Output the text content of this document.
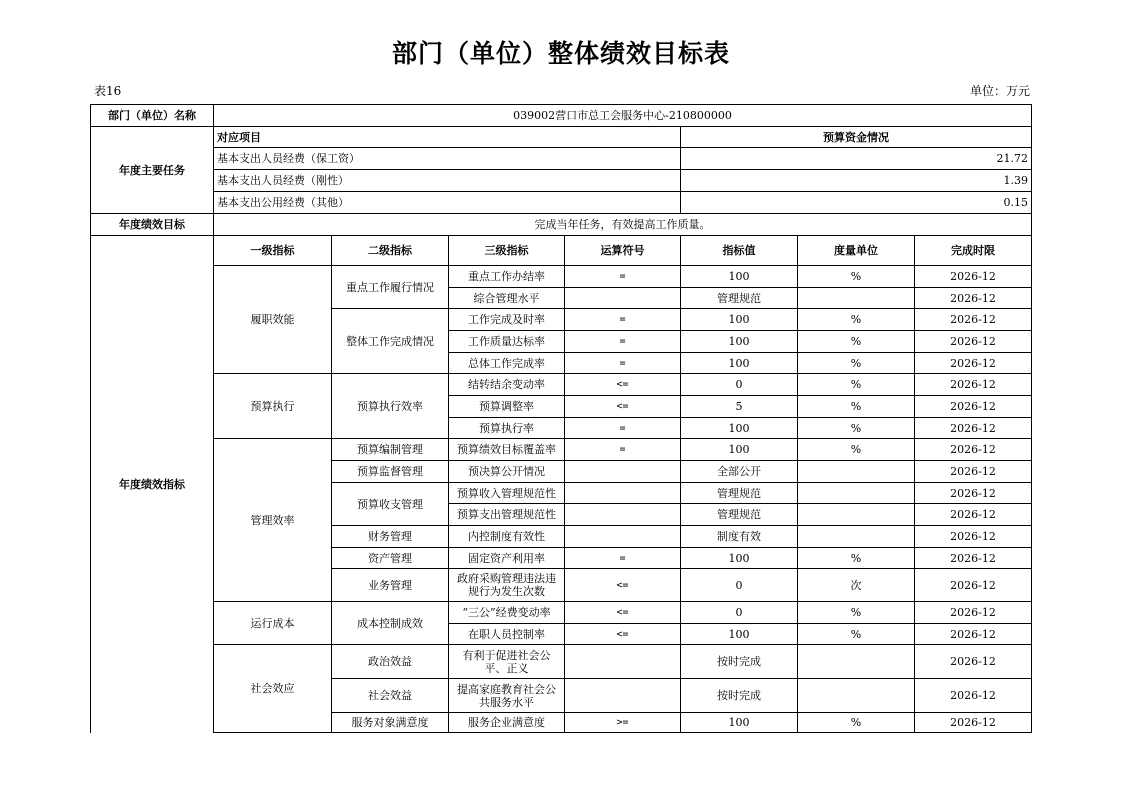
部门（单位）整体绩效目标表
表16	单位：万元
部门（单位）名称	039002营口市总工会服务中心-210800000						
年度主要任务	对应项目				预算资金情况		
	基本支出人员经费（保工资）				21.72		
	基本支出人员经费（刚性）				1.39		
	基本支出公用经费（其他）				0.15		
年度绩效目标	完成当年任务，有效提高工作质量。						
年度绩效指标	一级指标	二级指标	三级指标	运算符号	指标值	度量单位	完成时限
	履职效能	重点工作履行情况	重点工作办结率	=	100	%	2026-12
			综合管理水平		管理规范		2026-12
		整体工作完成情况	工作完成及时率	=	100	%	2026-12
			工作质量达标率	=	100	%	2026-12
			总体工作完成率	=	100	%	2026-12
	预算执行	预算执行效率	结转结余变动率	<=	0	%	2026-12
			预算调整率	<=	5	%	2026-12
			预算执行率	=	100	%	2026-12
	管理效率	预算编制管理	预算绩效目标覆盖率	=	100	%	2026-12
		预算监督管理	预决算公开情况		全部公开		2026-12
		预算收支管理	预算收入管理规范性		管理规范		2026-12
			预算支出管理规范性		管理规范		2026-12
		财务管理	内控制度有效性		制度有效		2026-12
		资产管理	固定资产利用率	=	100	%	2026-12
		业务管理	政府采购管理违法违规行为发生次数	<=	0	次	2026-12
	运行成本	成本控制成效	“三公”经费变动率	<=	0	%	2026-12
			在职人员控制率	<=	100	%	2026-12
	社会效应	政治效益	有利于促进社会公平、正义		按时完成		2026-12
		社会效益	提高家庭教育社会公共服务水平		按时完成		2026-12
		服务对象满意度	服务企业满意度	>=	100	%	2026-12
